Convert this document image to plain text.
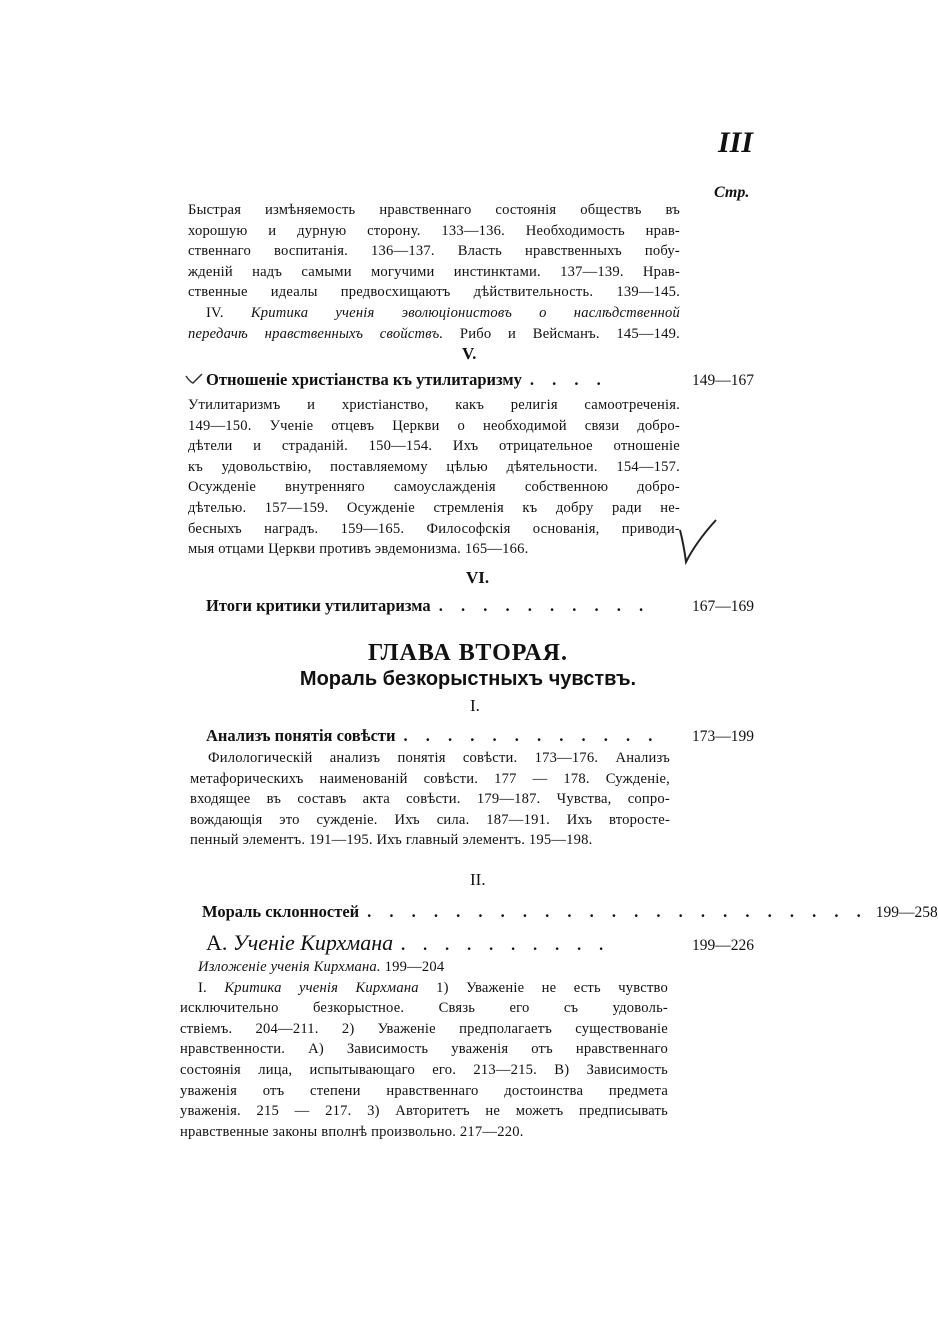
III
Стр.
Быстрая измѣняемость нравственнаго состоянія обществъ въ
хорошую и дурную сторону. 133—136. Необходимость нрав-
ственнаго воспитанія. 136—137. Власть нравственныхъ побу-
жденій надъ самыми могучими инстинктами. 137—139. Нрав-
ственные идеалы предвосхищаютъ дѣйствительность. 139—145.
IV. Критика ученія эволюціонистовъ о наслѣдственной
передачѣ нравственныхъ свойствъ. Рибо и Вейсманъ. 145—149.
V.
Отношеніе христіанства къ утилитаризму . . . .	149—167
Утилитаризмъ и христіанство, какъ религія самоотреченія.
149—150. Ученіе отцевъ Церкви о необходимой связи добро-
дѣтели и страданій. 150—154. Ихъ отрицательное отношеніе
къ удовольствію, поставляемому цѣлью дѣятельности. 154—157.
Осужденіе внутренняго самоуслажденія собственною добро-
дѣтелью. 157—159. Осужденіе стремленія къ добру ради не-
бесныхъ наградъ. 159—165. Философскія основанія, приводи-
мыя отцами Церкви противъ эвдемонизма. 165—166.
VI.
Итоги критики утилитаризма . . . . . . . . . .	167—169
ГЛАВА ВТОРАЯ.
Мораль безкорыстныхъ чувствъ.
I.
Анализъ понятія совѣсти . . . . . . . . . . . .	173—199
Филологическій анализъ понятія совѣсти. 173—176. Анализъ
метафорическихъ наименованій совѣсти. 177 — 178. Сужденіе,
входящее въ составъ акта совѣсти. 179—187. Чувства, сопро-
вождающія это сужденіе. Ихъ сила. 187—191. Ихъ второсте-
пенный элементъ. 191—195. Ихъ главный элементъ. 195—198.
II.
Мораль склонностей . . . . . . . . . . . . . . . . . . . . . . . 199—258
А. Ученіе Кирхмана . . . . . . . . . .	199—226
Изложеніе ученія Кирхмана. 199—204
I. Критика ученія Кирхмана 1) Уваженіе не есть чувство
исключительно безкорыстное. Связь его съ удоволь-
ствіемъ. 204—211. 2) Уваженіе предполагаетъ существованіе
нравственности. А) Зависимость уваженія отъ нравственнаго
состоянія лица, испытывающаго его. 213—215. В) Зависимость
уваженія отъ степени нравственнаго достоинства предмета
уваженія. 215 — 217. 3) Авторитетъ не можетъ предписывать
нравственные законы вполнѣ произвольно. 217—220.
